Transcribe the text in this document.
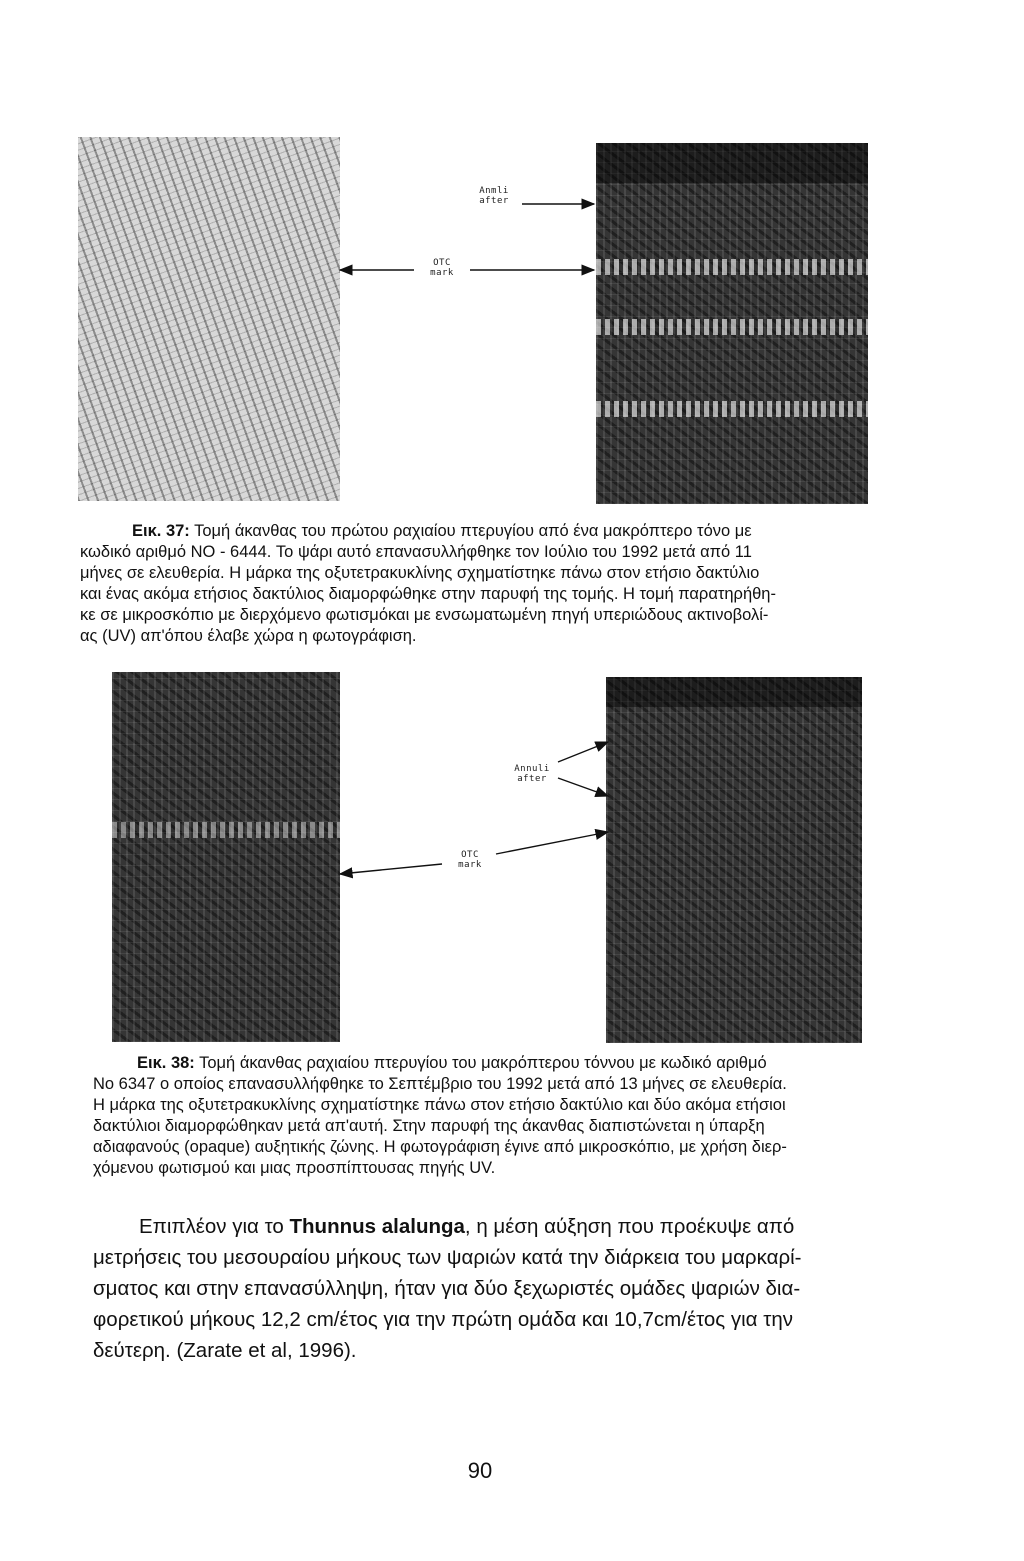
Anmli
after
OTC
mark
Εικ. 37: Τομή άκανθας του πρώτου ραχιαίου πτερυγίου από ένα μακρόπτερο τόνο με
κωδικό αριθμό NO - 6444. Το ψάρι αυτό επανασυλλήφθηκε τον Ιούλιο του 1992 μετά από 11
μήνες σε ελευθερία. Η μάρκα της οξυτετρακυκλίνης σχηματίστηκε πάνω στον ετήσιο δακτύλιο
και ένας ακόμα ετήσιος δακτύλιος διαμορφώθηκε στην παρυφή της τομής. Η τομή παρατηρήθη-
κε σε μικροσκόπιο με διερχόμενο φωτισμόκαι με ενσωματωμένη πηγή υπεριώδους ακτινοβολί-
ας (UV) απ'όπου έλαβε χώρα η φωτογράφιση.
Annuli
after
OTC
mark
Εικ. 38: Τομή άκανθας ραχιαίου πτερυγίου του μακρόπτερου τόννου με κωδικό αριθμό
Νο 6347 ο οποίος επανασυλλήφθηκε το Σεπτέμβριο του 1992 μετά από 13 μήνες σε ελευθερία.
Η μάρκα της οξυτετρακυκλίνης σχηματίστηκε πάνω στον ετήσιο δακτύλιο και δύο ακόμα ετήσιοι
δακτύλιοι διαμορφώθηκαν μετά απ'αυτή. Στην παρυφή της άκανθας διαπιστώνεται η ύπαρξη
αδιαφανούς (opaque) αυξητικής ζώνης. Η φωτογράφιση έγινε από μικροσκόπιο, με χρήση διερ-
χόμενου φωτισμού και μιας προσπίπτουσας πηγής UV.
Επιπλέον για το Thunnus alalunga, η μέση αύξηση που προέκυψε από
μετρήσεις του μεσουραίου μήκους των ψαριών κατά την διάρκεια του μαρκαρί-
σματος και στην επανασύλληψη, ήταν για δύο ξεχωριστές ομάδες ψαριών δια-
φορετικού μήκους 12,2 cm/έτος για την πρώτη ομάδα και 10,7cm/έτος για την
δεύτερη. (Zarate et al, 1996).
90
